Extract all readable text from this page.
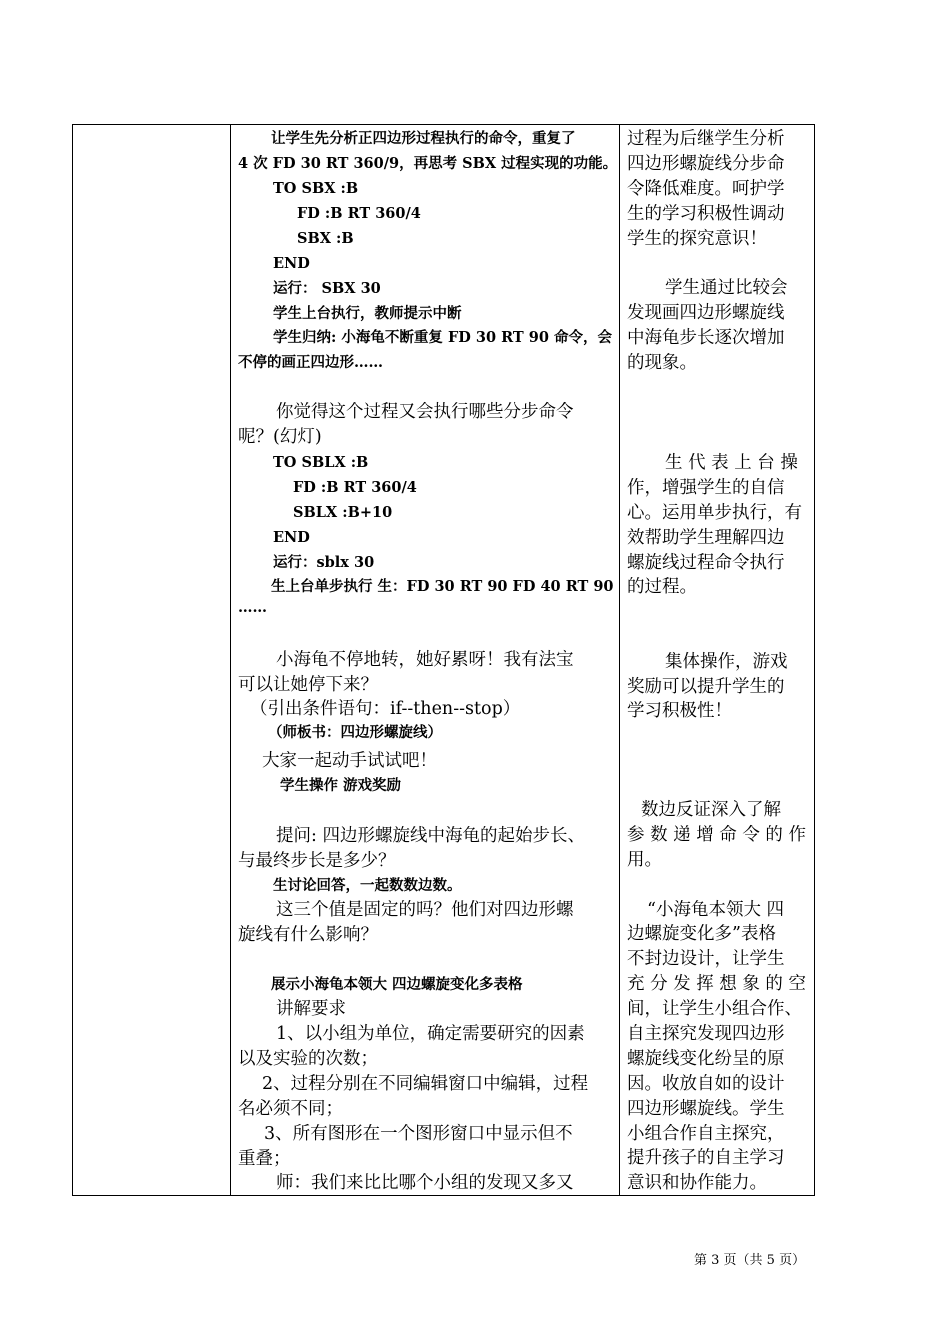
让学生先分析正四边形过程执行的命令，重复了
4 次 FD 30 RT 360/9，再思考 SBX 过程实现的功能。
TO SBX :B
FD :B RT 360/4
SBX :B
END
运行： SBX 30
学生上台执行，教师提示中断
学生归纳: 小海龟不断重复 FD 30 RT 90 命令，会
不停的画正四边形……
你觉得这个过程又会执行哪些分步命令
呢？(幻灯)
TO SBLX :B
FD :B RT 360/4
SBLX :B+10
END
运行：sblx 30
生上台单步执行 生：FD 30 RT 90 FD 40 RT 90
……
小海龟不停地转，她好累呀！我有法宝
可以让她停下来？
（引出条件语句：if--then--stop）
（师板书：四边形螺旋线）
大家一起动手试试吧！
学生操作 游戏奖励
提问: 四边形螺旋线中海龟的起始步长、
与最终步长是多少？
生讨论回答，一起数数边数。
这三个值是固定的吗？他们对四边形螺
旋线有什么影响？
展示小海龟本领大 四边螺旋变化多表格
讲解要求
1、以小组为单位，确定需要研究的因素
以及实验的次数；
2、过程分别在不同编辑窗口中编辑，过程
名必须不同；
3、所有图形在一个图形窗口中显示但不
重叠；
师：我们来比比哪个小组的发现又多又
过程为后继学生分析
四边形螺旋线分步命
令降低难度。呵护学
生的学习积极性调动
学生的探究意识！
学生通过比较会
发现画四边形螺旋线
中海龟步长逐次增加
的现象。
生 代 表 上 台 操
作，增强学生的自信
心。运用单步执行，有
效帮助学生理解四边
螺旋线过程命令执行
的过程。
集体操作，游戏
奖励可以提升学生的
学习积极性！
数边反证深入了解
参 数 递 增 命 令 的 作
用。
“小海龟本领大 四
边螺旋变化多”表格
不封边设计，让学生
充 分 发 挥 想 象 的 空
间，让学生小组合作、
自主探究发现四边形
螺旋线变化纷呈的原
因。收放自如的设计
四边形螺旋线。学生
小组合作自主探究，
提升孩子的自主学习
意识和协作能力。
第 3 页（共 5 页）
